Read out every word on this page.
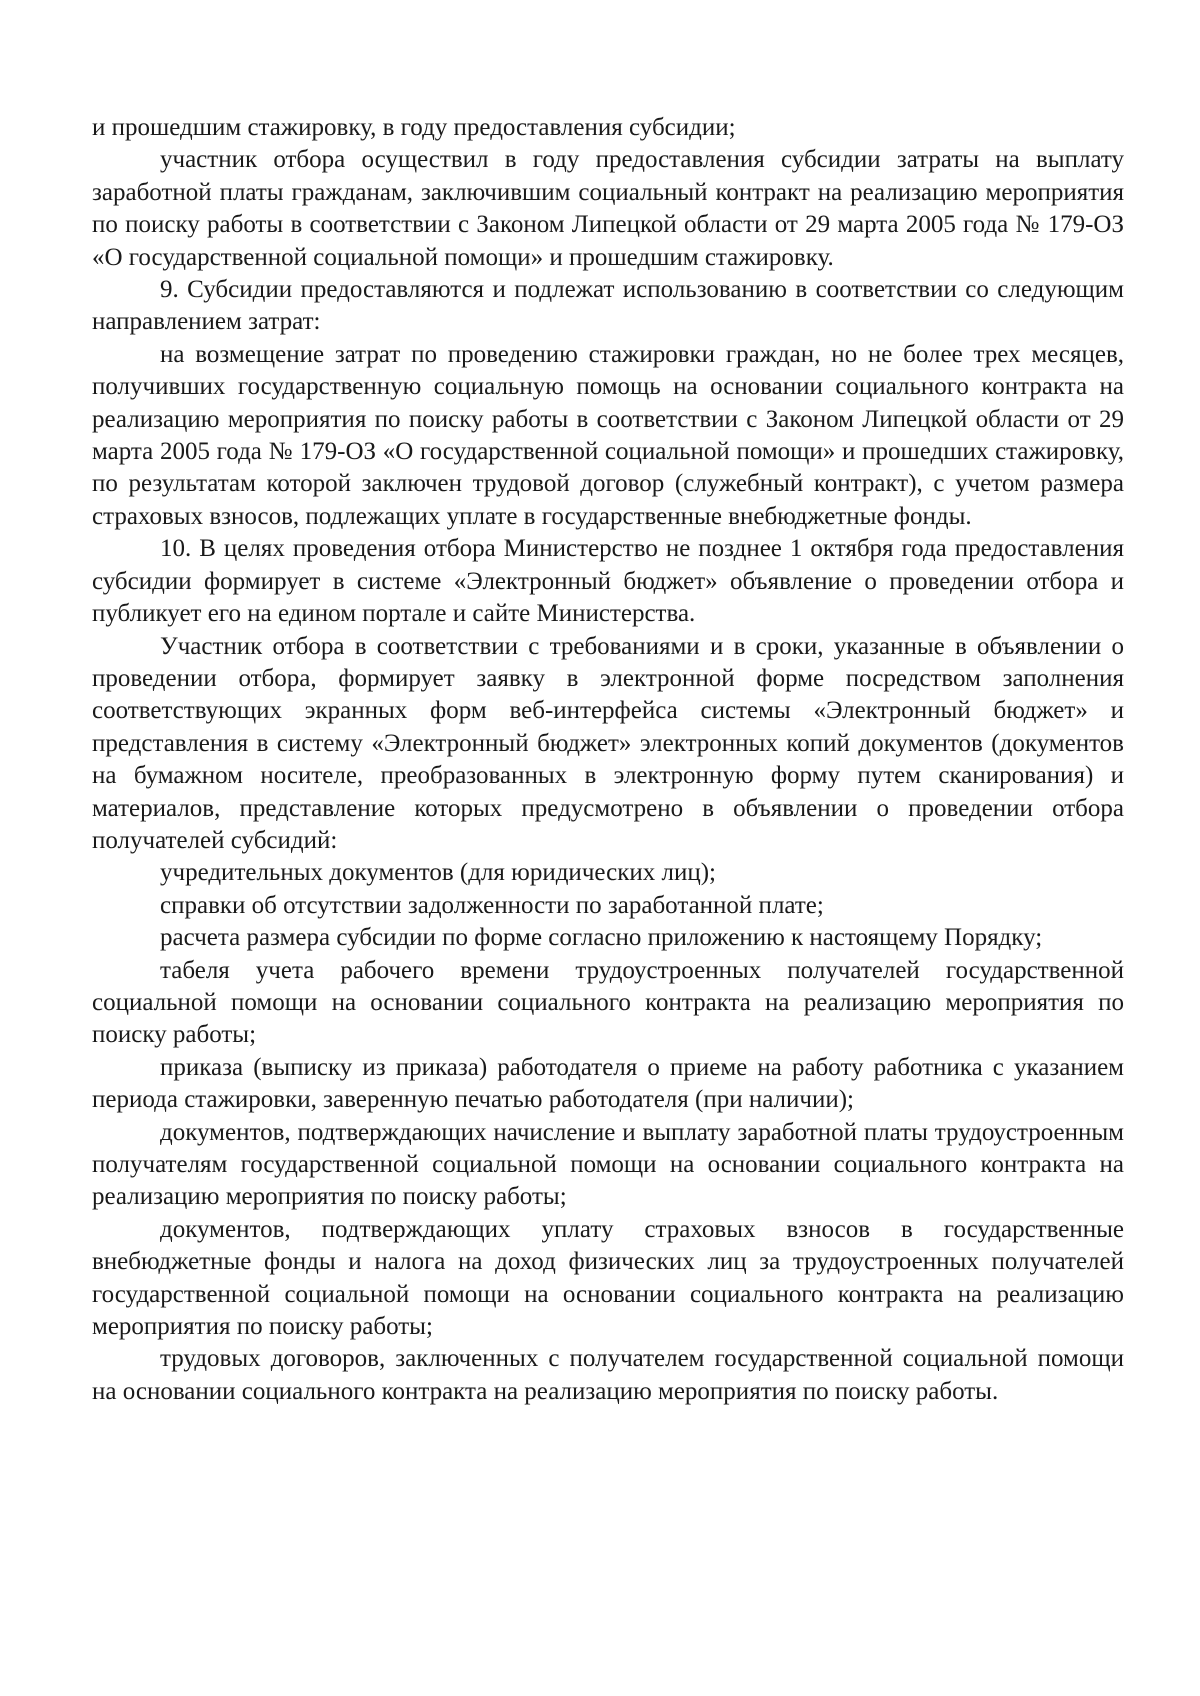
и прошедшим стажировку, в году предоставления субсидии;

участник отбора осуществил в году предоставления субсидии затраты на выплату заработной платы гражданам, заключившим социальный контракт на реализацию мероприятия по поиску работы в соответствии с Законом Липецкой области от 29 марта 2005 года № 179-ОЗ «О государственной социальной помощи» и прошедшим стажировку.

9. Субсидии предоставляются и подлежат использованию в соответствии со следующим направлением затрат:

на возмещение затрат по проведению стажировки граждан, но не более трех месяцев, получивших государственную социальную помощь на основании социального контракта на реализацию мероприятия по поиску работы в соответствии с Законом Липецкой области от 29 марта 2005 года № 179-ОЗ «О государственной социальной помощи» и прошедших стажировку, по результатам которой заключен трудовой договор (служебный контракт), с учетом размера страховых взносов, подлежащих уплате в государственные внебюджетные фонды.

10. В целях проведения отбора Министерство не позднее 1 октября года предоставления субсидии формирует в системе «Электронный бюджет» объявление о проведении отбора и публикует его на едином портале и сайте Министерства.

Участник отбора в соответствии с требованиями и в сроки, указанные в объявлении о проведении отбора, формирует заявку в электронной форме посредством заполнения соответствующих экранных форм веб-интерфейса системы «Электронный бюджет» и представления в систему «Электронный бюджет» электронных копий документов (документов на бумажном носителе, преобразованных в электронную форму путем сканирования) и материалов, представление которых предусмотрено в объявлении о проведении отбора получателей субсидий:

учредительных документов (для юридических лиц);

справки об отсутствии задолженности по заработанной плате;

расчета размера субсидии по форме согласно приложению к настоящему Порядку;

табеля учета рабочего времени трудоустроенных получателей государственной социальной помощи на основании социального контракта на реализацию мероприятия по поиску работы;

приказа (выписку из приказа) работодателя о приеме на работу работника с указанием периода стажировки, заверенную печатью работодателя (при наличии);

документов, подтверждающих начисление и выплату заработной платы трудоустроенным получателям государственной социальной помощи на основании социального контракта на реализацию мероприятия по поиску работы;

документов, подтверждающих уплату страховых взносов в государственные внебюджетные фонды и налога на доход физических лиц за трудоустроенных получателей государственной социальной помощи на основании социального контракта на реализацию мероприятия по поиску работы;

трудовых договоров, заключенных с получателем государственной социальной помощи на основании социального контракта на реализацию мероприятия по поиску работы.
